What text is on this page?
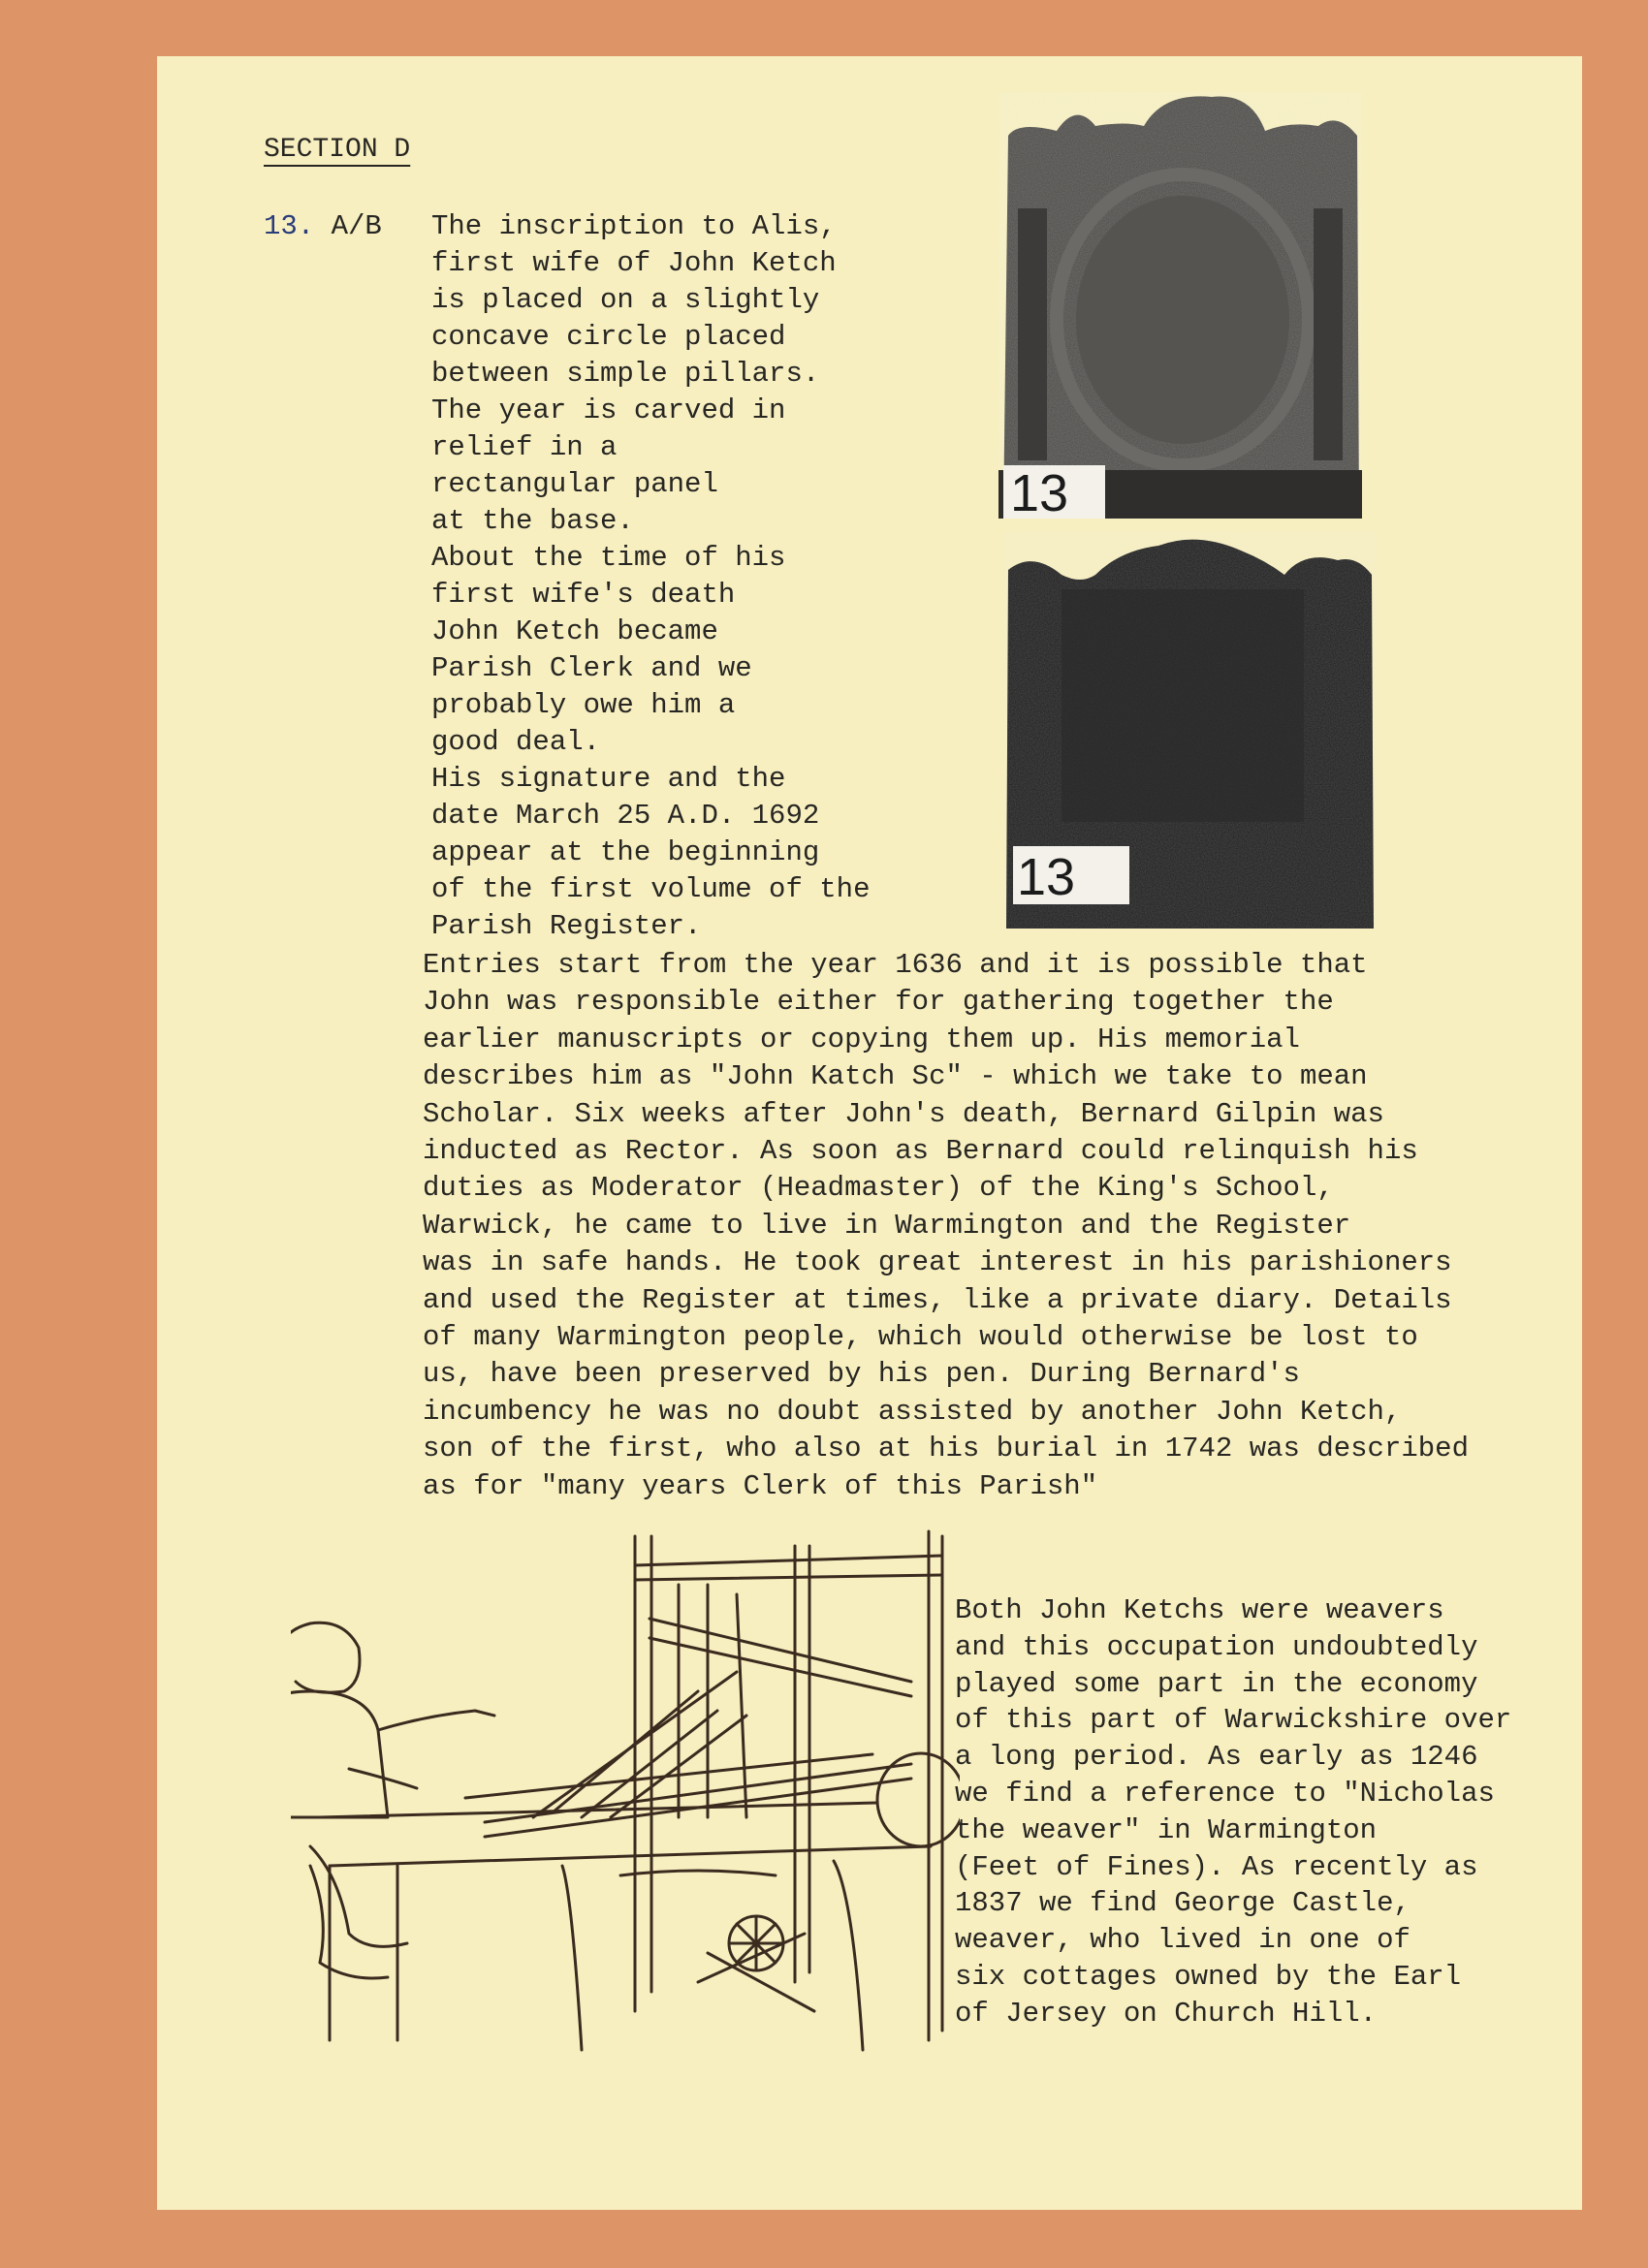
SECTION D
13. A/B The inscription to Alis,
first wife of John Ketch
is placed on a slightly
concave circle placed
between simple pillars.
The year is carved in
relief in a
rectangular panel
at the base.
About the time of his
first wife's death
John Ketch became
Parish Clerk and we
probably owe him a
good deal.
His signature and the
date March 25 A.D. 1692
appear at the beginning
of the first volume of the
Parish Register.
Entries start from the year 1636 and it is possible that
John was responsible either for gathering together the
earlier manuscripts or copying them up. His memorial
describes him as "John Katch Sc" - which we take to mean
Scholar. Six weeks after John's death, Bernard Gilpin was
inducted as Rector. As soon as Bernard could relinquish his
duties as Moderator (Headmaster) of the King's School,
Warwick, he came to live in Warmington and the Register
was in safe hands. He took great interest in his parishioners
and used the Register at times, like a private diary. Details
of many Warmington people, which would otherwise be lost to
us, have been preserved by his pen. During Bernard's
incumbency he was no doubt assisted by another John Ketch,
son of the first, who also at his burial in 1742 was described
as for "many years Clerk of this Parish"
Both John Ketchs were weavers
and this occupation undoubtedly
played some part in the economy
of this part of Warwickshire over
a long period. As early as 1246
we find a reference to "Nicholas
the weaver" in Warmington
(Feet of Fines). As recently as
1837 we find George Castle,
weaver, who lived in one of
six cottages owned by the Earl
of Jersey on Church Hill.
13
13
